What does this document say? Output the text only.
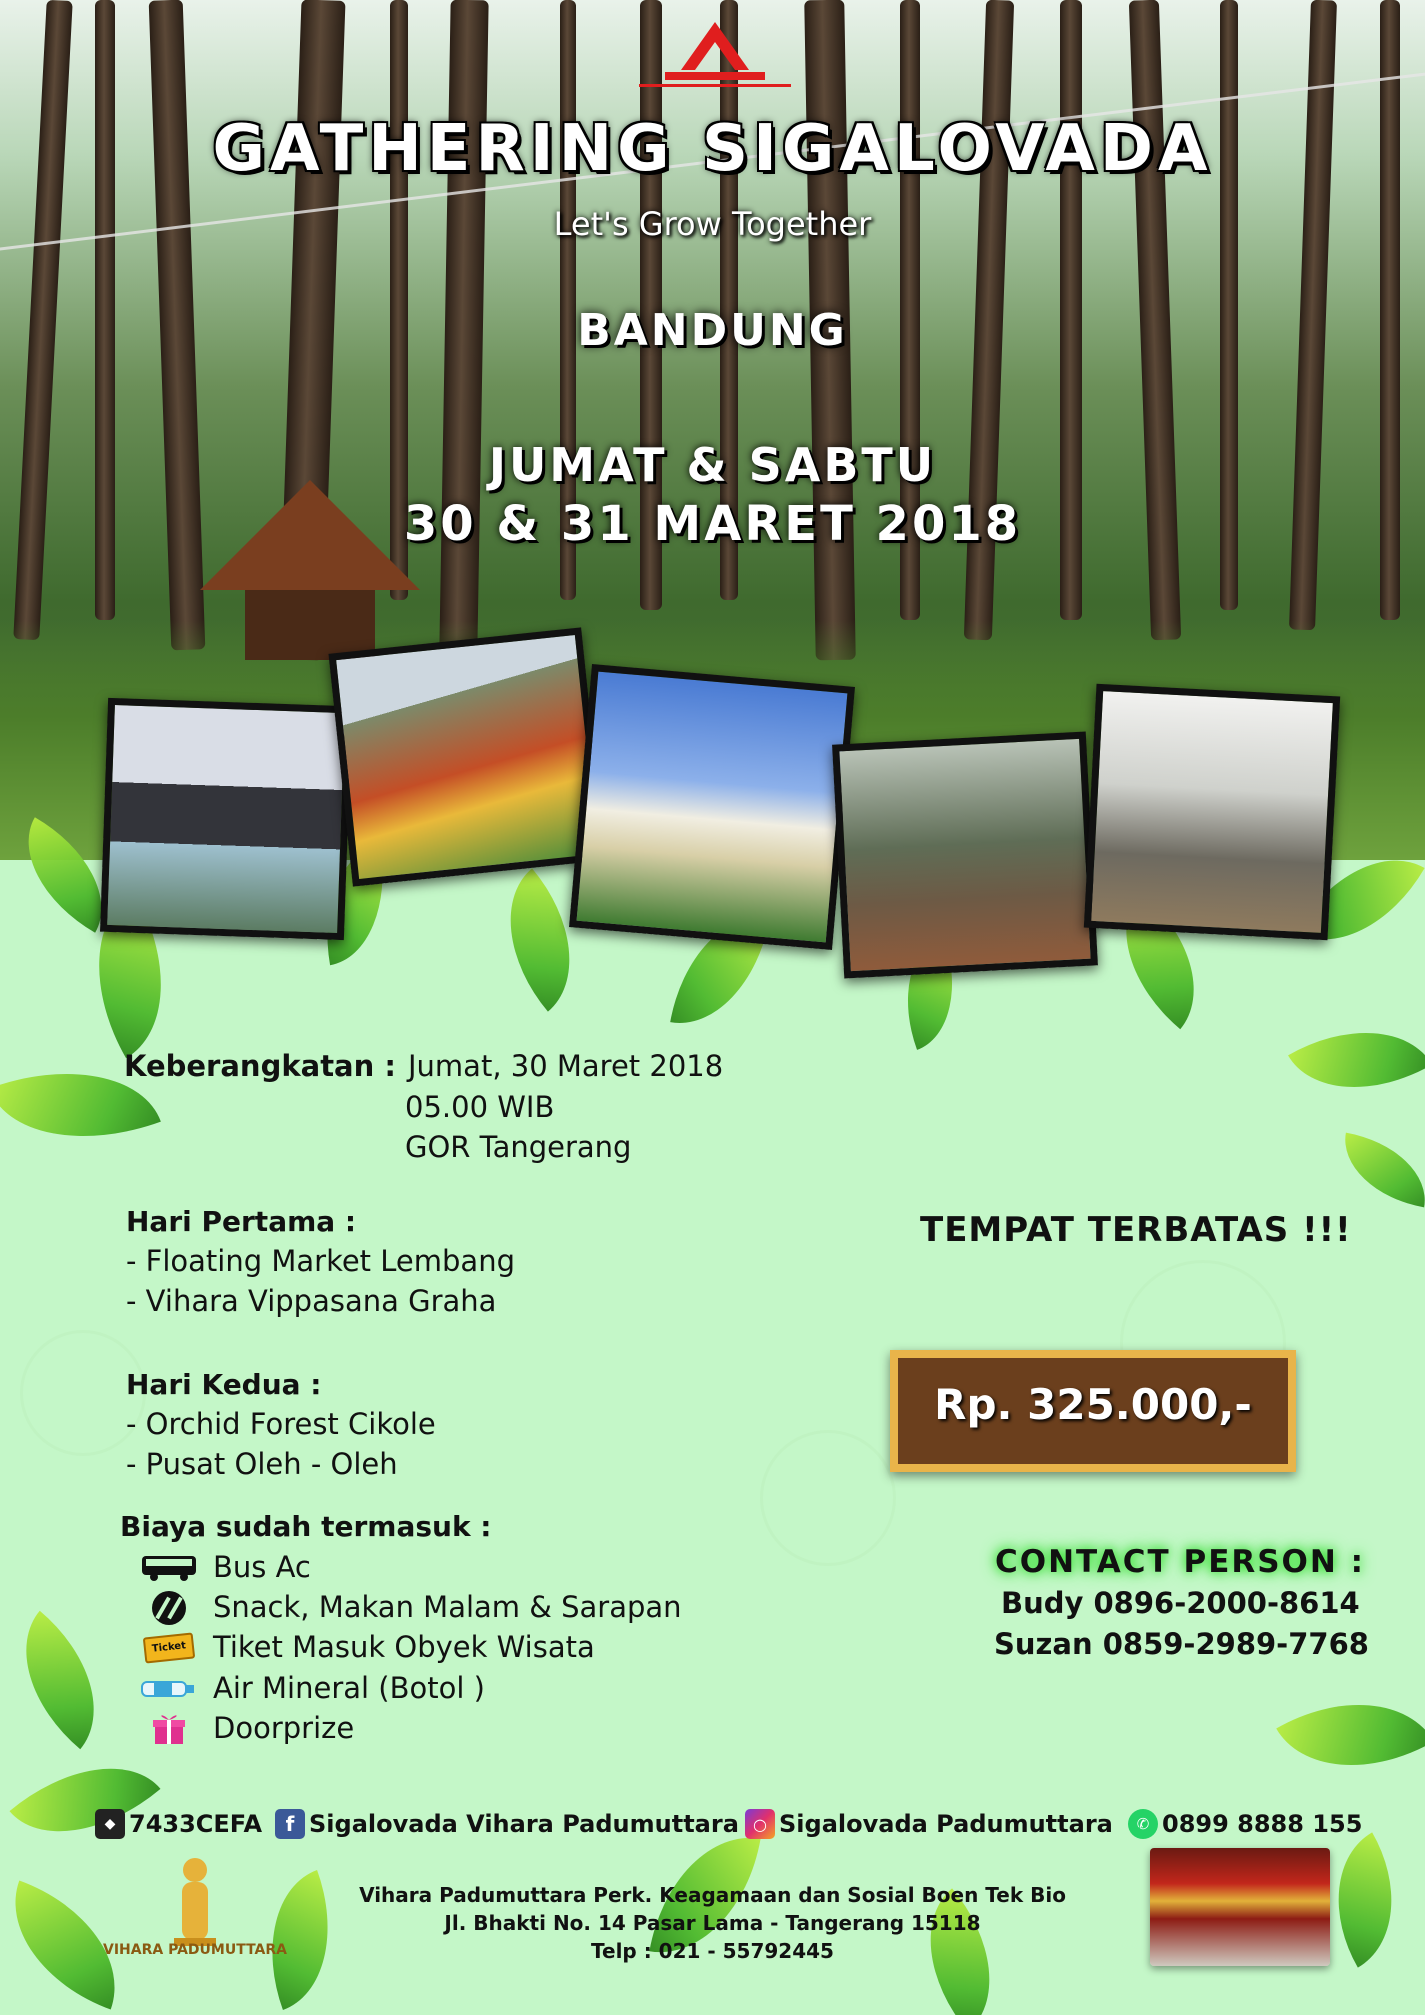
GATHERING SIGALOVADA
Let's Grow Together
BANDUNG
JUMAT & SABTU
30 & 31 MARET 2018
Keberangkatan : Jumat, 30 Maret 2018
05.00 WIB
GOR Tangerang
Hari Pertama :
- Floating Market Lembang
- Vihara Vippasana Graha
Hari Kedua :
- Orchid Forest Cikole
- Pusat Oleh - Oleh
Biaya sudah termasuk :
Bus Ac
Snack, Makan Malam & Sarapan
Ticket Tiket Masuk Obyek Wisata
Air Mineral (Botol )
Doorprize
TEMPAT TERBATAS !!!
Rp. 325.000,-
CONTACT PERSON :
Budy 0896-2000-8614
Suzan 0859-2989-7768
◆ 7433CEFA	f Sigalovada Vihara Padumuttara ○ Sigalovada Padumuttara	✆ 0899 8888 155
VIHARA PADUMUTTARA
Vihara Padumuttara Perk. Keagamaan dan Sosial Boen Tek Bio
Jl. Bhakti No. 14 Pasar Lama - Tangerang 15118
Telp : 021 - 55792445
